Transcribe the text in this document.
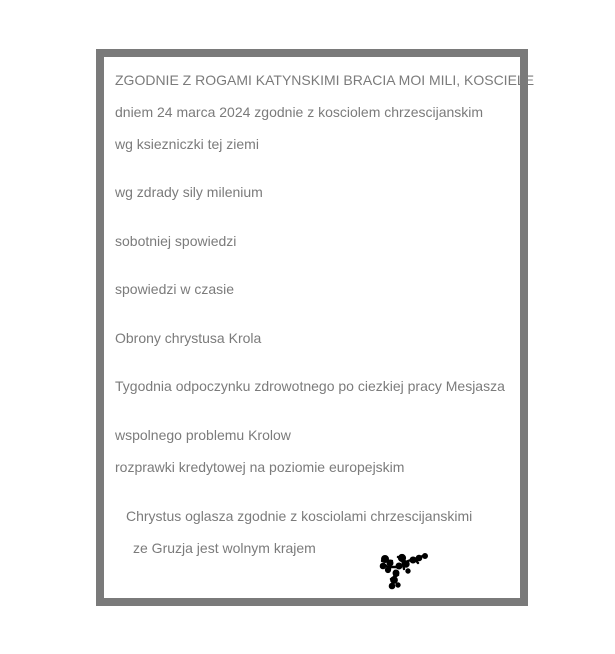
ZGODNIE Z ROGAMI KATYNSKIMI BRACIA MOI MILI, KOSCIELE

dniem 24 marca 2024 zgodnie z kosciolem chrzescijanskim

wg ksiezniczki tej ziemi

wg zdrady sily milenium

sobotniej spowiedzi

spowiedzi w czasie

Obrony chrystusa Krola

Tygodnia odpoczynku zdrowotnego po ciezkiej pracy Mesjasza

wspolnego problemu Krolow

rozprawki kredytowej na poziomie europejskim

Chrystus oglasza zgodnie z kosciolami chrzescijanskimi

ze Gruzja jest wolnym krajem
